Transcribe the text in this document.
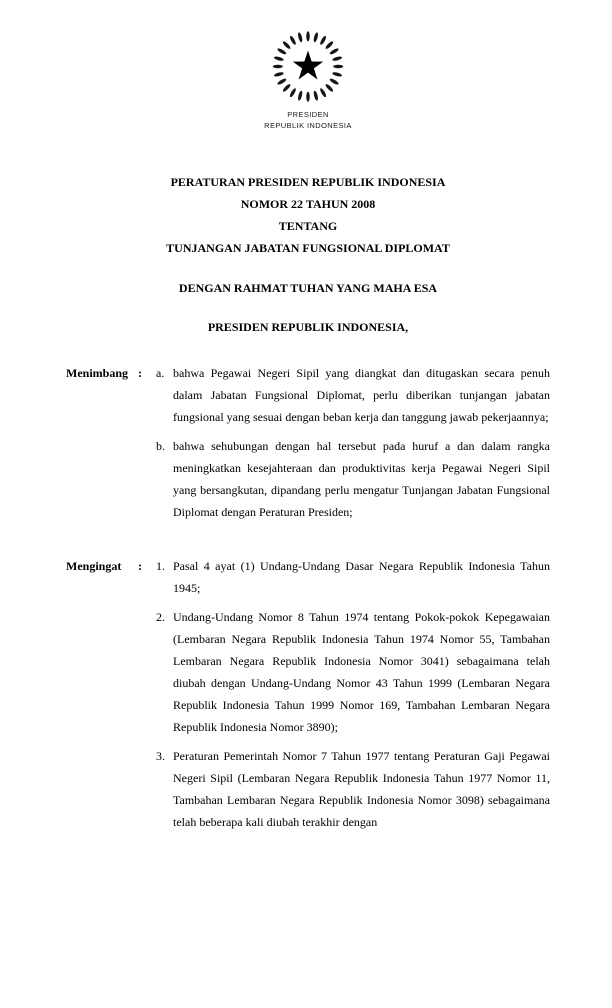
PRESIDEN
REPUBLIK INDONESIA
PERATURAN PRESIDEN REPUBLIK INDONESIA
NOMOR 22 TAHUN 2008
TENTANG
TUNJANGAN JABATAN FUNGSIONAL DIPLOMAT
DENGAN RAHMAT TUHAN YANG MAHA ESA
PRESIDEN REPUBLIK INDONESIA,
Menimbang : a. bahwa Pegawai Negeri Sipil yang diangkat dan ditugaskan secara penuh dalam Jabatan Fungsional Diplomat, perlu diberikan tunjangan jabatan fungsional yang sesuai dengan beban kerja dan tanggung jawab pekerjaannya;
b. bahwa sehubungan dengan hal tersebut pada huruf a dan dalam rangka meningkatkan kesejahteraan dan produktivitas kerja Pegawai Negeri Sipil yang bersangkutan, dipandang perlu mengatur Tunjangan Jabatan Fungsional Diplomat dengan Peraturan Presiden;
Mengingat : 1. Pasal 4 ayat (1) Undang-Undang Dasar Negara Republik Indonesia Tahun 1945;
2. Undang-Undang Nomor 8 Tahun 1974 tentang Pokok-pokok Kepegawaian (Lembaran Negara Republik Indonesia Tahun 1974 Nomor 55, Tambahan Lembaran Negara Republik Indonesia Nomor 3041) sebagaimana telah diubah dengan Undang-Undang Nomor 43 Tahun 1999 (Lembaran Negara Republik Indonesia Tahun 1999 Nomor 169, Tambahan Lembaran Negara Republik Indonesia Nomor 3890);
3. Peraturan Pemerintah Nomor 7 Tahun 1977 tentang Peraturan Gaji Pegawai Negeri Sipil (Lembaran Negara Republik Indonesia Tahun 1977 Nomor 11, Tambahan Lembaran Negara Republik Indonesia Nomor 3098) sebagaimana telah beberapa kali diubah terakhir dengan
